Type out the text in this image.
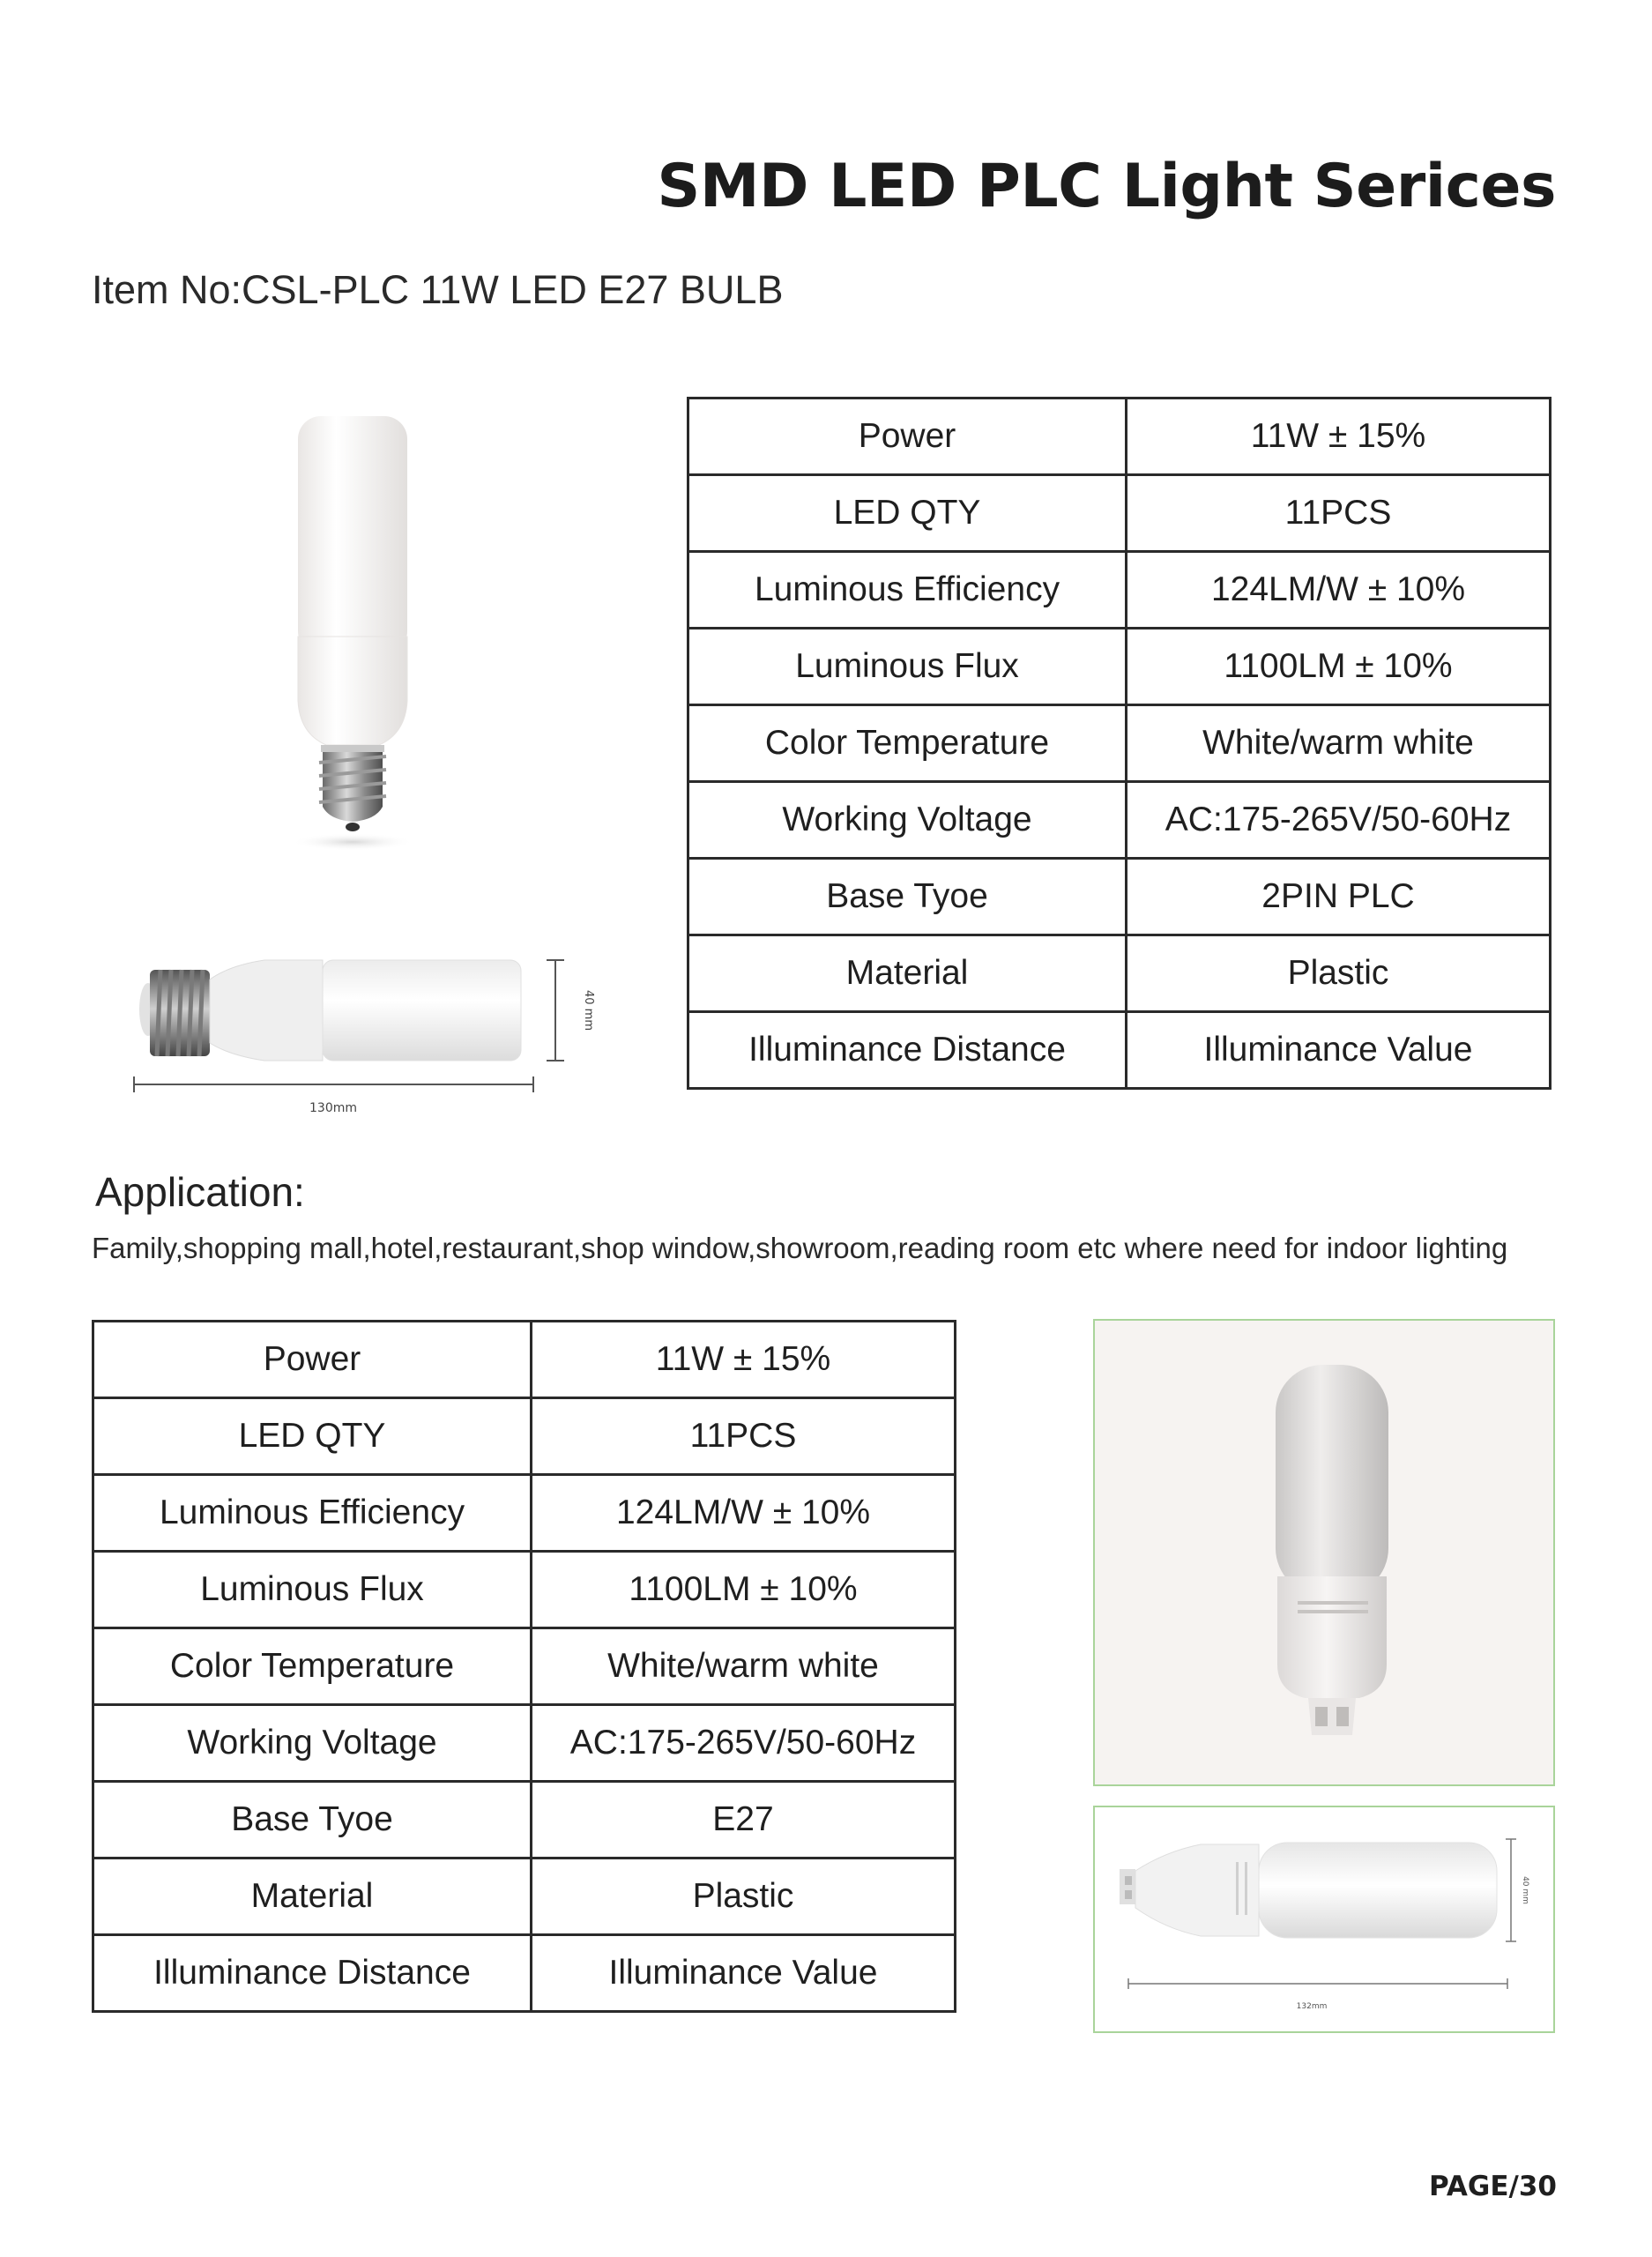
SMD LED PLC Light Serices
Item No:CSL-PLC 11W LED E27 BULB
40 mm
130mm
Power	11W ± 15%
LED QTY	11PCS
Luminous Efficiency	124LM/W ± 10%
Luminous Flux	1100LM ± 10%
Color Temperature	White/warm white
Working Voltage	AC:175-265V/50-60Hz
Base Tyoe	2PIN PLC
Material	Plastic
Illuminance Distance	Illuminance Value
Application:
Family,shopping mall,hotel,restaurant,shop window,showroom,reading room etc where need for indoor lighting
Power	11W ± 15%
LED QTY	11PCS
Luminous Efficiency	124LM/W ± 10%
Luminous Flux	1100LM ± 10%
Color Temperature	White/warm white
Working Voltage	AC:175-265V/50-60Hz
Base Tyoe	E27
Material	Plastic
Illuminance Distance	Illuminance Value
40 mm
132mm
PAGE/30
